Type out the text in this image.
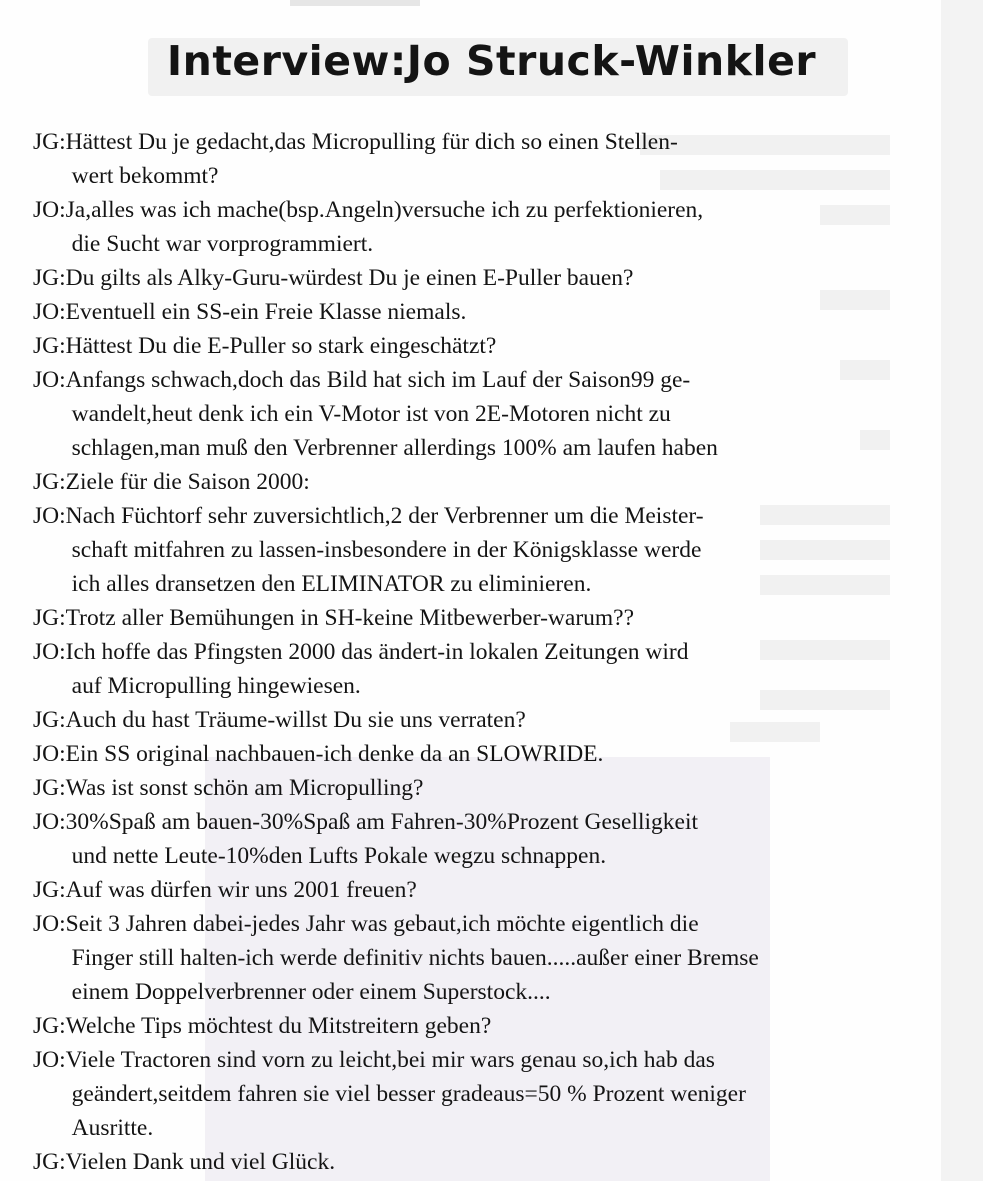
Interview:Jo Struck-Winkler
JG: Hättest Du je gedacht,das Micropulling für dich so einen Stellen-
wert bekommt?
JO: Ja,alles was ich mache(bsp.Angeln)versuche ich zu perfektionieren,
die Sucht war vorprogrammiert.
JG: Du gilts als Alky-Guru-würdest Du je einen E-Puller bauen?
JO: Eventuell ein SS-ein Freie Klasse niemals.
JG: Hättest Du die E-Puller so stark eingeschätzt?
JO: Anfangs schwach,doch das Bild hat sich im Lauf der Saison99 ge-
wandelt,heut denk ich ein V-Motor ist von 2E-Motoren nicht zu
schlagen,man muß den Verbrenner allerdings 100% am laufen haben
JG: Ziele für die Saison 2000:
JO: Nach Füchtorf sehr zuversichtlich,2 der Verbrenner um die Meister-
schaft mitfahren zu lassen-insbesondere in der Königsklasse werde
ich alles dransetzen den ELIMINATOR zu eliminieren.
JG: Trotz aller Bemühungen in SH-keine Mitbewerber-warum??
JO: Ich hoffe das Pfingsten 2000 das ändert-in lokalen Zeitungen wird
auf Micropulling hingewiesen.
JG: Auch du hast Träume-willst Du sie uns verraten?
JO: Ein SS original nachbauen-ich denke da an SLOWRIDE.
JG: Was ist sonst schön am Micropulling?
JO: 30%Spaß am bauen-30%Spaß am Fahren-30%Prozent Geselligkeit
und nette Leute-10%den Lufts Pokale wegzu schnappen.
JG: Auf was dürfen wir uns 2001 freuen?
JO: Seit 3 Jahren dabei-jedes Jahr was gebaut,ich möchte eigentlich die
Finger still halten-ich werde definitiv nichts bauen.....außer einer Bremse
einem Doppelverbrenner oder einem Superstock....
JG: Welche Tips möchtest du Mitstreitern geben?
JO: Viele Tractoren sind vorn zu leicht,bei mir wars genau so,ich hab das
geändert,seitdem fahren sie viel besser gradeaus=50 % Prozent weniger
Ausritte.
JG: Vielen Dank und viel Glück.
